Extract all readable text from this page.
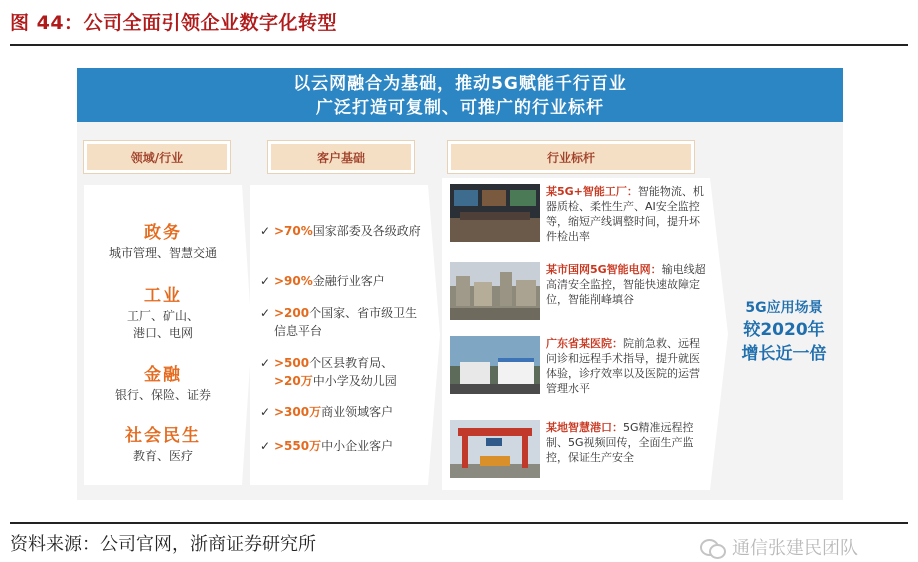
图 44：公司全面引领企业数字化转型
以云网融合为基础，推动5G赋能千行百业
广泛打造可复制、可推广的行业标杆
领域/行业	客户基础	行业标杆
政务
城市管理、智慧交通
工业
工厂、矿山、
港口、电网
金融
银行、保险、证券
社会民生
教育、医疗
✓ >70%国家部委及各级政府
✓ >90%金融行业客户
✓ >200个国家、省市级卫生信息平台
✓ >500个区县教育局、
>20万中小学及幼儿园
✓ >300万商业领域客户
✓ >550万中小企业客户
某5G+智能工厂：智能物流、机器质检、柔性生产、AI安全监控等，缩短产线调整时间，提升坏件检出率
某市国网5G智能电网：输电线超高清安全监控，智能快速故障定位，智能削峰填谷
广东省某医院：院前急救、远程问诊和远程手术指导，提升就医体验，诊疗效率以及医院的运营管理水平
某地智慧港口：5G精准远程控制、5G视频回传，全面生产监控，保证生产安全
5G应用场景
较2020年
增长近一倍
资料来源：公司官网，浙商证券研究所	通信张建民团队
